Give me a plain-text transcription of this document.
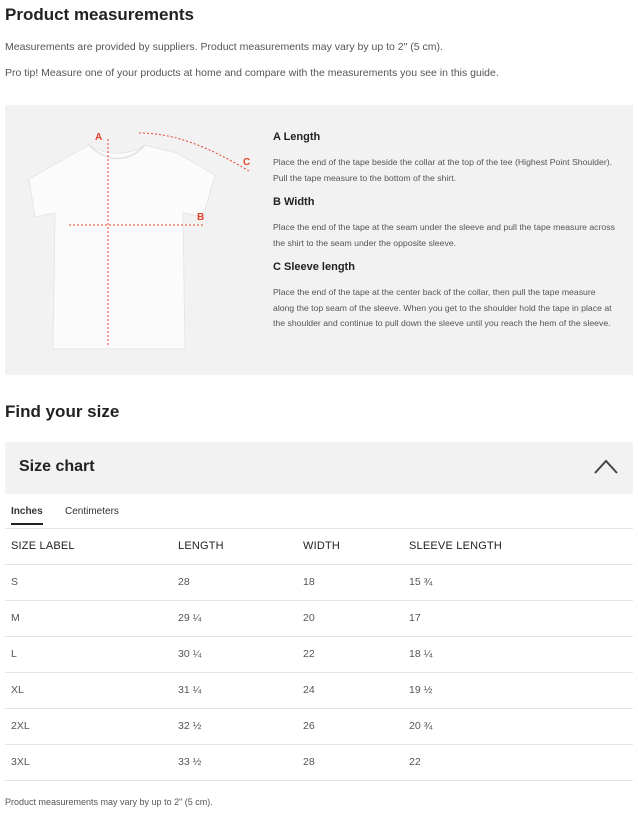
Product measurements
Measurements are provided by suppliers. Product measurements may vary by up to 2" (5 cm).
Pro tip! Measure one of your products at home and compare with the measurements you see in this guide.
A
B
C
A Length

Place the end of the tape beside the collar at the top of the tee (Highest Point Shoulder). Pull the tape measure to the bottom of the shirt.

B Width

Place the end of the tape at the seam under the sleeve and pull the tape measure across the shirt to the seam under the opposite sleeve.

C Sleeve length

Place the end of the tape at the center back of the collar, then pull the tape measure along the top seam of the sleeve. When you get to the shoulder hold the tape in place at the shoulder and continue to pull down the sleeve until you reach the hem of the sleeve.

Find your size
Size chart
Inches Centimeters
SIZE LABEL	LENGTH	WIDTH	SLEEVE LENGTH
S	28	18	15 ¾
M	29 ¼	20	17
L	30 ¼	22	18 ¼
XL	31 ¼	24	19 ½
2XL	32 ½	26	20 ¾
3XL	33 ½	28	22
Product measurements may vary by up to 2" (5 cm).
